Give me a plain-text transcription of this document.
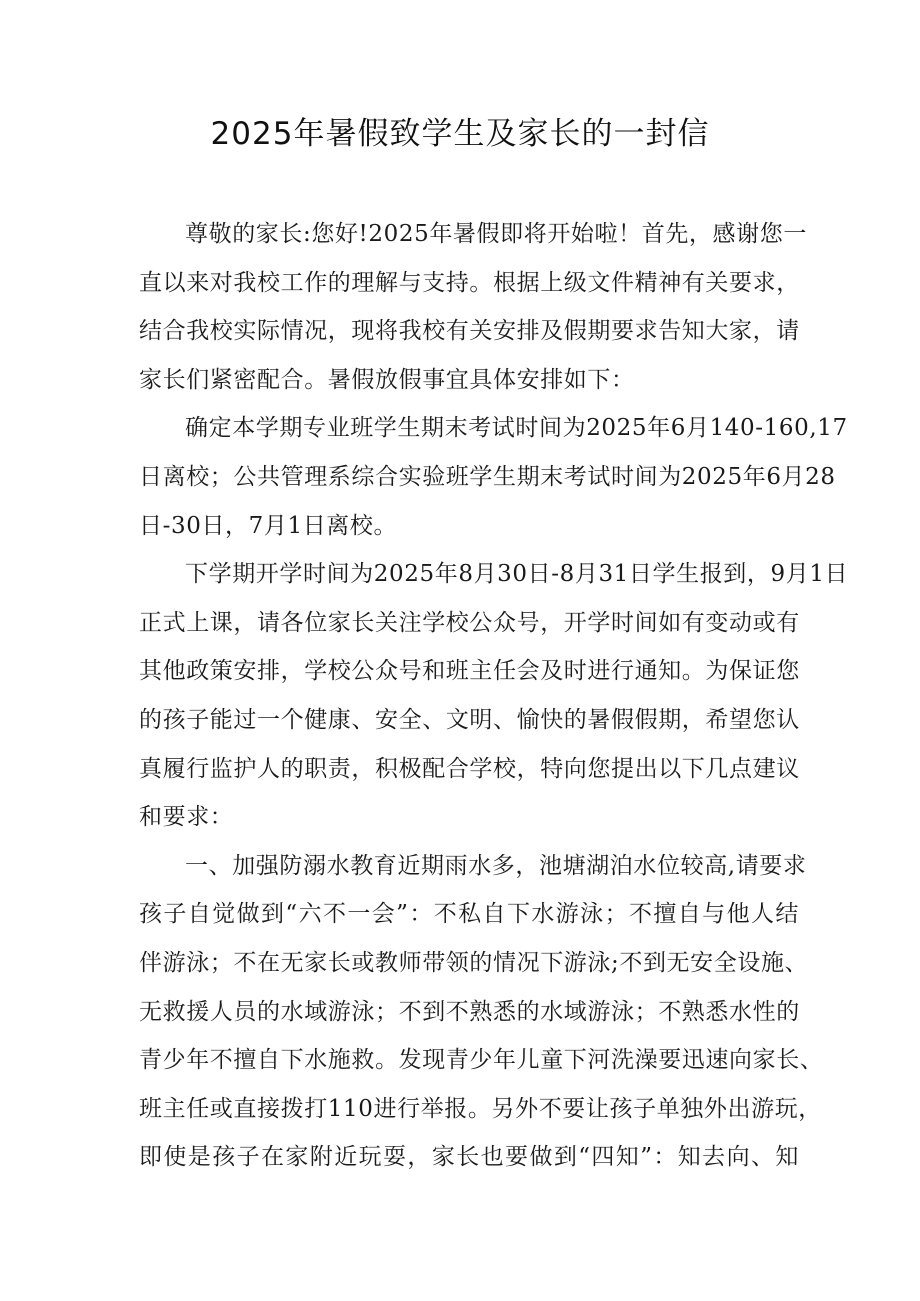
2025年暑假致学生及家长的一封信
尊敬的家长:您好!2025年暑假即将开始啦！首先，感谢您一
直以来对我校工作的理解与支持。根据上级文件精神有关要求，
结合我校实际情况，现将我校有关安排及假期要求告知大家，请
家长们紧密配合。暑假放假事宜具体安排如下：
确定本学期专业班学生期末考试时间为2025年6月140-160,17
日离校；公共管理系综合实验班学生期末考试时间为2025年6月28
日-30日，7月1日离校。
下学期开学时间为2025年8月30日-8月31日学生报到，9月1日
正式上课，请各位家长关注学校公众号，开学时间如有变动或有
其他政策安排，学校公众号和班主任会及时进行通知。为保证您
的孩子能过一个健康、安全、文明、愉快的暑假假期，希望您认
真履行监护人的职责，积极配合学校，特向您提出以下几点建议
和要求：
一、加强防溺水教育近期雨水多，池塘湖泊水位较高,请要求
孩子自觉做到“六不一会”：不私自下水游泳；不擅自与他人结
伴游泳；不在无家长或教师带领的情况下游泳;不到无安全设施、
无救援人员的水域游泳；不到不熟悉的水域游泳；不熟悉水性的
青少年不擅自下水施救。发现青少年儿童下河洗澡要迅速向家长、
班主任或直接拨打110进行举报。另外不要让孩子单独外出游玩，
即使是孩子在家附近玩耍，家长也要做到“四知”：知去向、知
